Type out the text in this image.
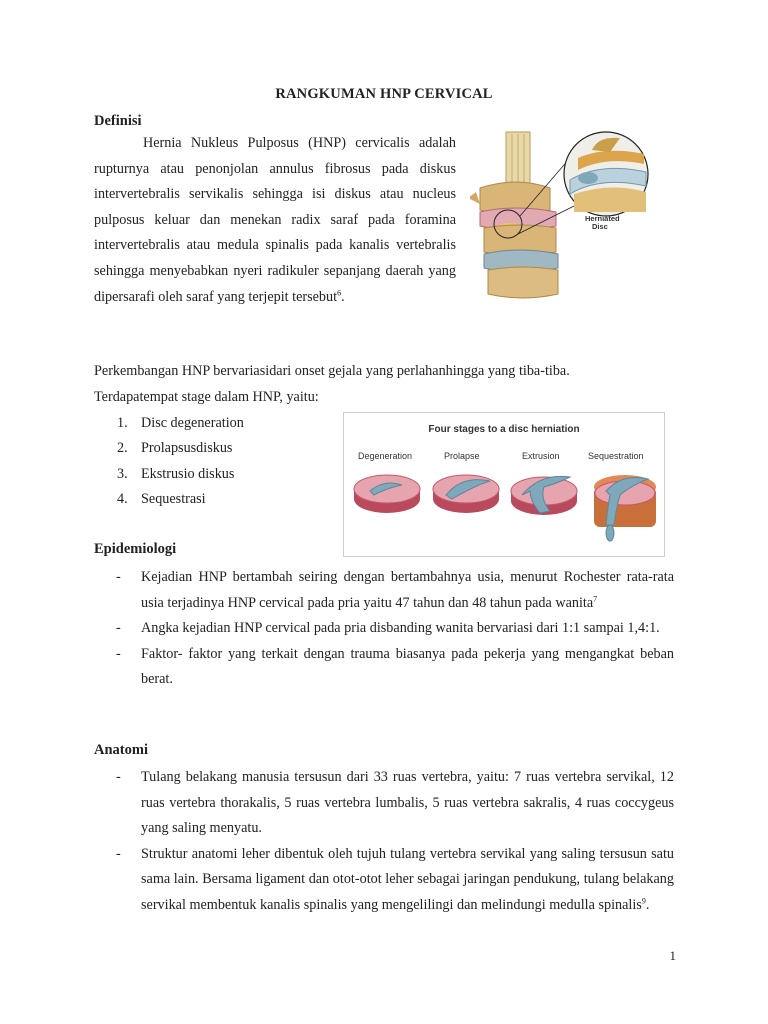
RANGKUMAN HNP CERVICAL
Definisi

Hernia Nukleus Pulposus (HNP) cervicalis adalah rupturnya atau penonjolan annulus fibrosus pada diskus intervertebralis servikalis sehingga isi diskus atau nucleus pulposus keluar dan menekan radix saraf pada foramina intervertebralis atau medula spinalis pada kanalis vertebralis sehingga menyebabkan nyeri radikuler sepanjang daerah yang dipersarafi oleh saraf yang terjepit tersebut$^6$.

Herniated
Disc

Perkembangan HNP bervariasidari onset gejala yang perlahanhingga yang tiba-tiba.

Terdapatempat stage dalam HNP, yaitu:

1. Disc degeneration
2. Prolapsusdiskus
3. Ekstrusio diskus
4. Sequestrasi
Four stages to a disc herniation
Degeneration	Prolapse	Extrusion	Sequestration
Epidemiologi
- Kejadian HNP bertambah seiring dengan bertambahnya usia, menurut Rochester rata-rata usia terjadinya HNP cervical pada pria yaitu 47 tahun dan 48 tahun pada wanita$^7$
- Angka kejadian HNP cervical pada pria disbanding wanita bervariasi dari 1:1 sampai 1,4:1.
- Faktor- faktor yang terkait dengan trauma biasanya pada pekerja yang mengangkat beban berat.
Anatomi
- Tulang belakang manusia tersusun dari 33 ruas vertebra, yaitu: 7 ruas vertebra servikal, 12 ruas vertebra thorakalis, 5 ruas vertebra lumbalis, 5 ruas vertebra sakralis, 4 ruas coccygeus yang saling menyatu.
- Struktur anatomi leher dibentuk oleh tujuh tulang vertebra servikal yang saling tersusun satu sama lain. Bersama ligament dan otot-otot leher sebagai jaringan pendukung, tulang belakang servikal membentuk kanalis spinalis yang mengelilingi dan melindungi medulla spinalis$^9$.
1
